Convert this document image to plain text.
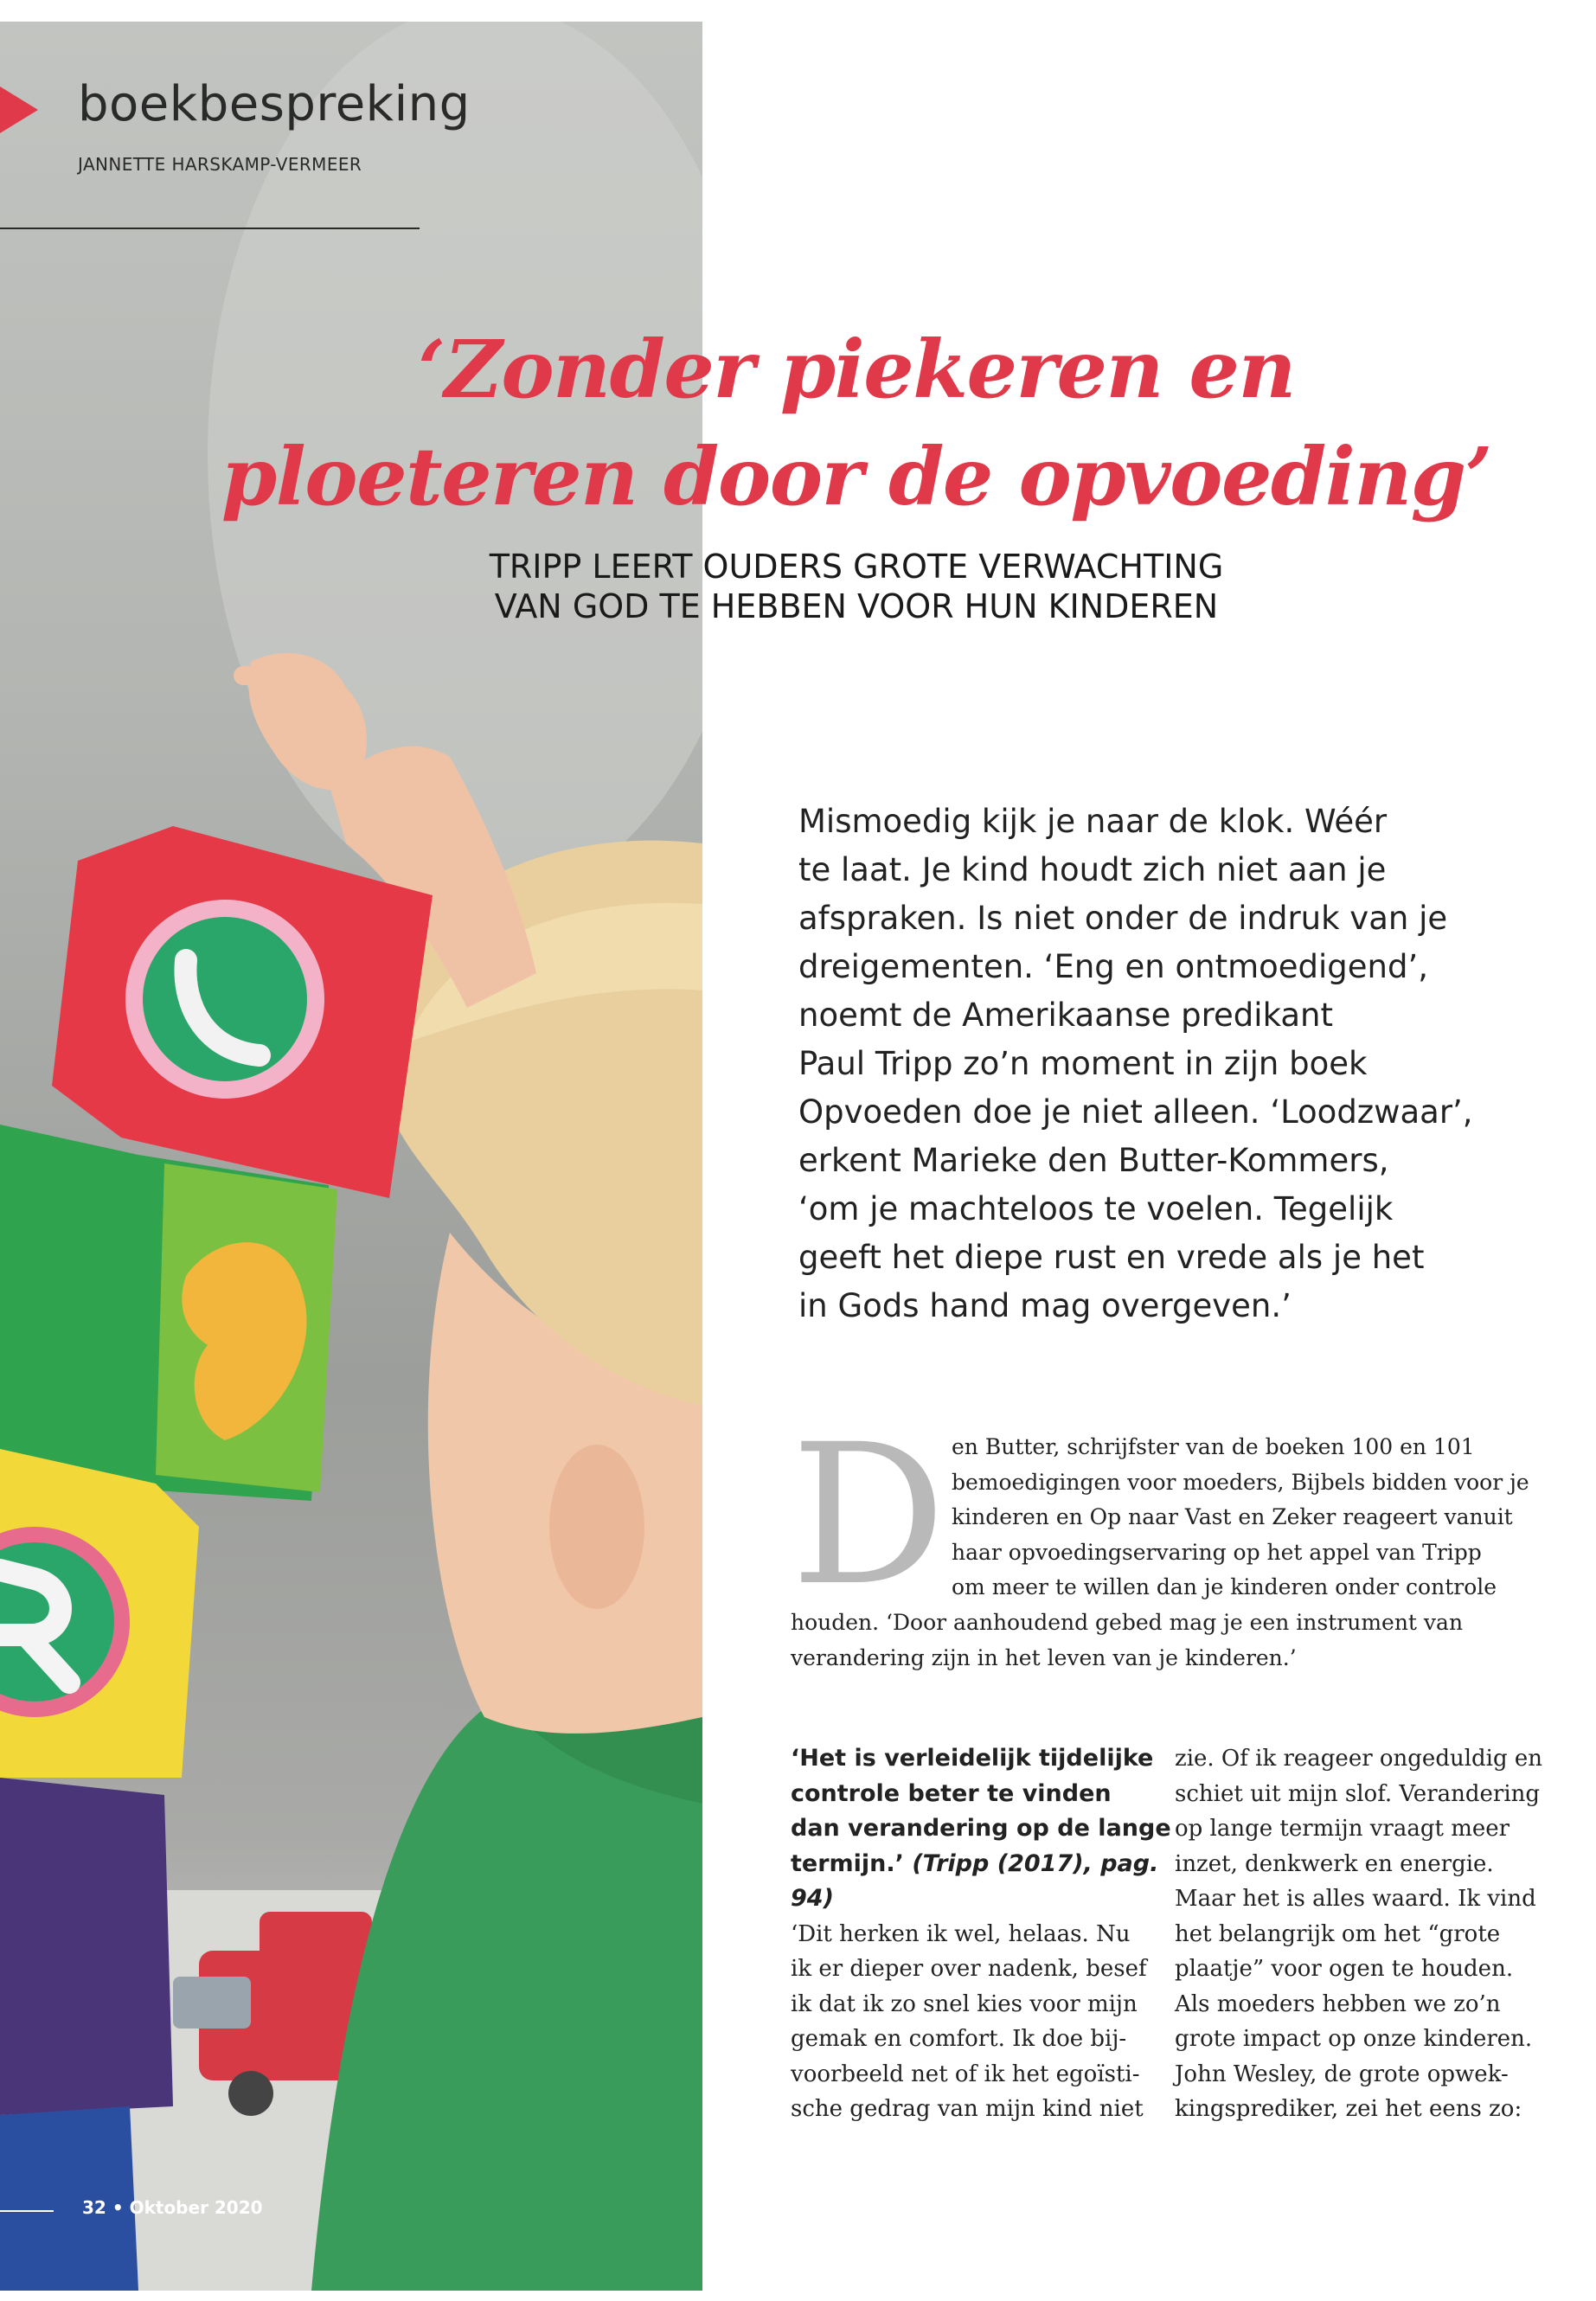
boekbespreking
JANNETTE HARSKAMP-VERMEER
‘Zonder piekeren en
ploeteren door de opvoeding’
TRIPP LEERT OUDERS GROTE VERWACHTING
VAN GOD TE HEBBEN VOOR HUN KINDEREN
Mismoedig kijk je naar de klok. Wéér
te laat. Je kind houdt zich niet aan je
afspraken. Is niet onder de indruk van je
dreigementen. ‘Eng en ontmoedigend’,
noemt de Amerikaanse predikant
Paul Tripp zo’n moment in zijn boek
Opvoeden doe je niet alleen. ‘Loodzwaar’,
erkent Marieke den Butter-Kommers,
‘om je machteloos te voelen. Tegelijk
geeft het diepe rust en vrede als je het
in Gods hand mag overgeven.’
D en Butter, schrijfster van de boeken 100 en 101
bemoedigingen voor moeders, Bijbels bidden voor je
kinderen en Op naar Vast en Zeker reageert vanuit
haar opvoedingservaring op het appel van Tripp
om meer te willen dan je kinderen onder controle
houden. ‘Door aanhoudend gebed mag je een instrument van
verandering zijn in het leven van je kinderen.’
‘Het is verleidelijk tijdelijke
controle beter te vinden
dan verandering op de lange
termijn.’ (Tripp (2017), pag.
94)
‘Dit herken ik wel, helaas. Nu
ik er dieper over nadenk, besef
ik dat ik zo snel kies voor mijn
gemak en comfort. Ik doe bij-
voorbeeld net of ik het egoïsti-
sche gedrag van mijn kind niet
zie. Of ik reageer ongeduldig en
schiet uit mijn slof. Verandering
op lange termijn vraagt meer
inzet, denkwerk en energie.
Maar het is alles waard. Ik vind
het belangrijk om het “grote
plaatje” voor ogen te houden.
Als moeders hebben we zo’n
grote impact op onze kinderen.
John Wesley, de grote opwek-
kingsprediker, zei het eens zo:
32 • Oktober 2020
